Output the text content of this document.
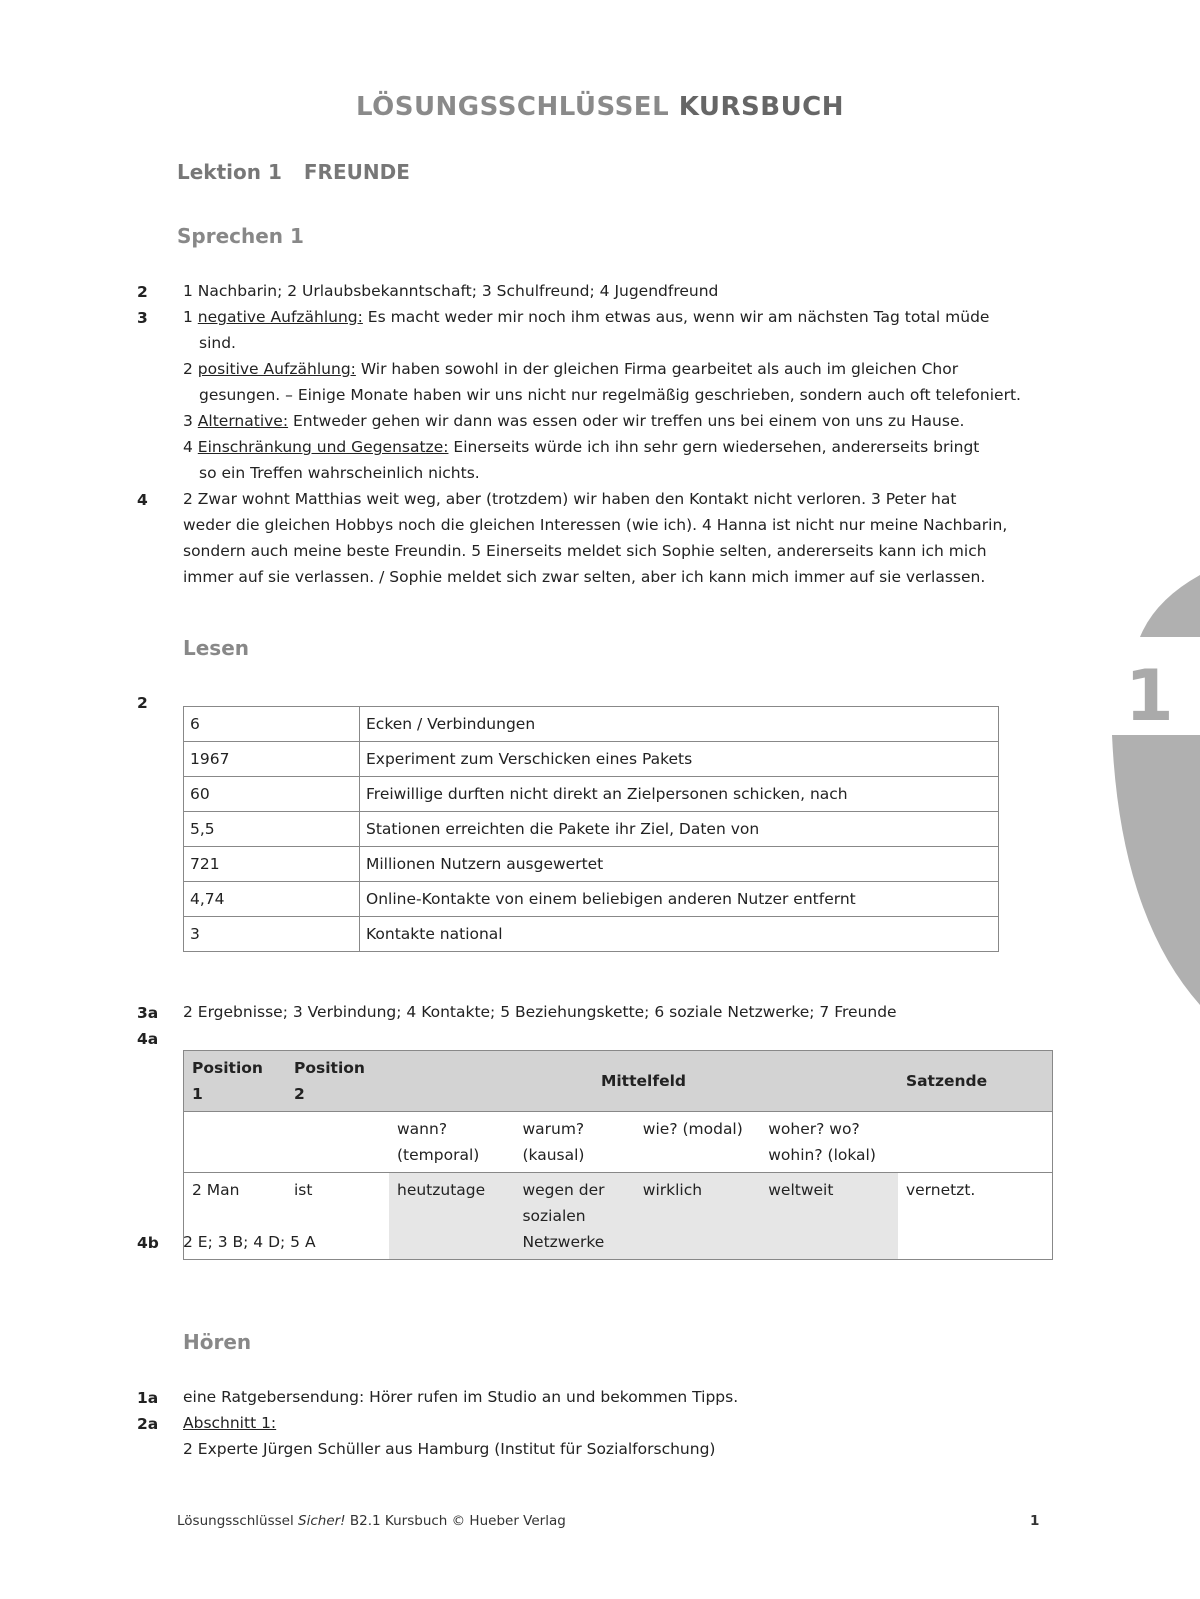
LÖSUNGSSCHLÜSSEL KURSBUCH
Lektion 1 FREUNDE
Sprechen 1
2 1 Nachbarin; 2 Urlaubsbekanntschaft; 3 Schulfreund; 4 Jugendfreund
3 1 negative Aufzählung: Es macht weder mir noch ihm etwas aus, wenn wir am nächsten Tag total müde
sind.
2 positive Aufzählung: Wir haben sowohl in der gleichen Firma gearbeitet als auch im gleichen Chor
gesungen. – Einige Monate haben wir uns nicht nur regelmäßig geschrieben, sondern auch oft telefoniert.
3 Alternative: Entweder gehen wir dann was essen oder wir treffen uns bei einem von uns zu Hause.
4 Einschränkung und Gegensatze: Einerseits würde ich ihn sehr gern wiedersehen, andererseits bringt
so ein Treffen wahrscheinlich nichts.
4 2 Zwar wohnt Matthias weit weg, aber (trotzdem) wir haben den Kontakt nicht verloren. 3 Peter hat
weder die gleichen Hobbys noch die gleichen Interessen (wie ich). 4 Hanna ist nicht nur meine Nachbarin,
sondern auch meine beste Freundin. 5 Einerseits meldet sich Sophie selten, andererseits kann ich mich
immer auf sie verlassen. / Sophie meldet sich zwar selten, aber ich kann mich immer auf sie verlassen.
Lesen
2
6	Ecken / Verbindungen
1967	Experiment zum Verschicken eines Pakets
60	Freiwillige durften nicht direkt an Zielpersonen schicken, nach
5,5	Stationen erreichten die Pakete ihr Ziel, Daten von
721	Millionen Nutzern ausgewertet
4,74	Online-Kontakte von einem beliebigen anderen Nutzer entfernt
3	Kontakte national
3a 2 Ergebnisse; 3 Verbindung; 4 Kontakte; 5 Beziehungskette; 6 soziale Netzwerke; 7 Freunde
4a
Position 1	Position 2	Mittelfeld				Satzende
		wann? (temporal)	warum? (kausal)	wie? (modal)	woher? wo? wohin? (lokal)	
2 Man	ist	heutzutage	wegen der sozialen Netzwerke	wirklich	weltweit	vernetzt.
4b 2 E; 3 B; 4 D; 5 A
Hören
1a eine Ratgebersendung: Hörer rufen im Studio an und bekommen Tipps.
2a Abschnitt 1:
2 Experte Jürgen Schüller aus Hamburg (Institut für Sozialforschung)
1
Lösungsschlüssel Sicher! B2.1 Kursbuch © Hueber Verlag	1
